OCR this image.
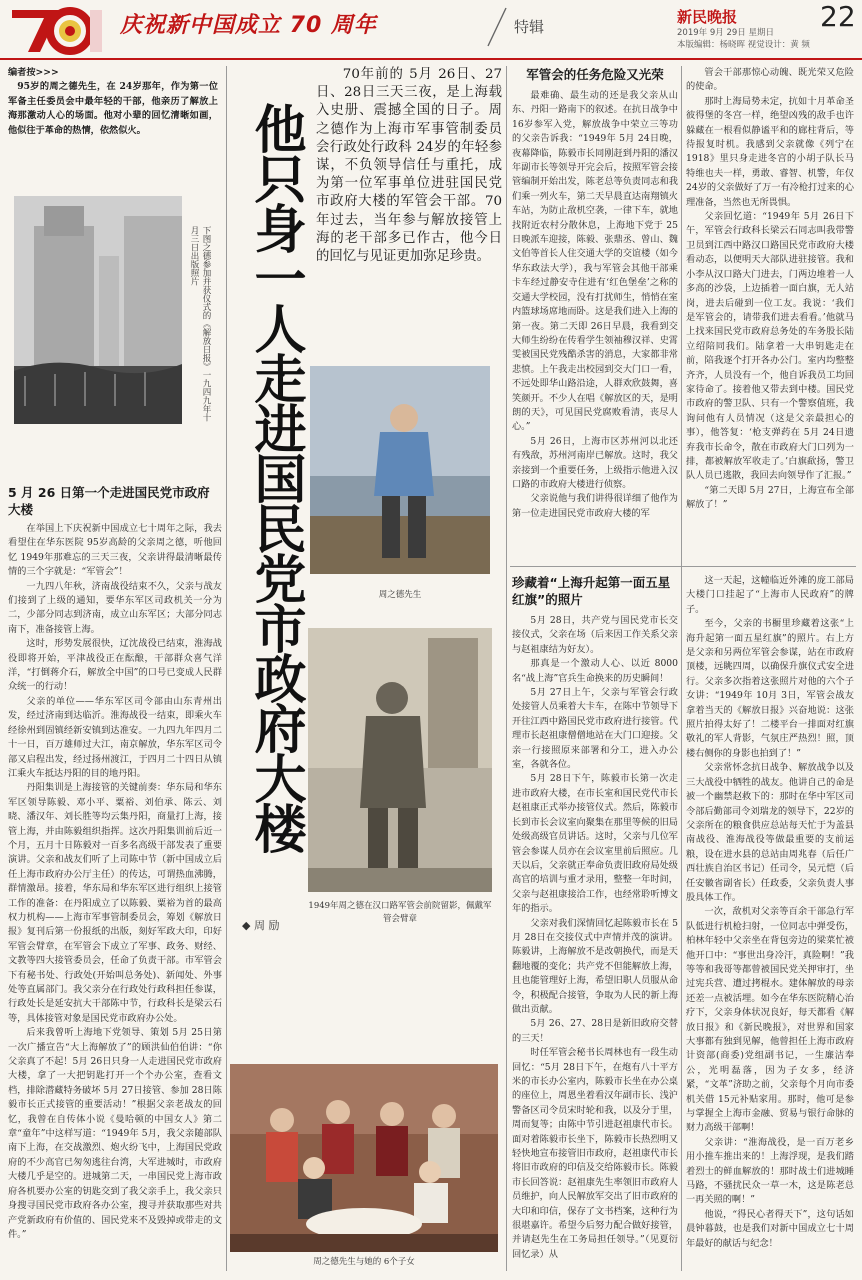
庆祝新中国成立 70 周年	特辑
新民晚报	22
2019年 9月 29日 星期日
本版编辑：杨晓晖 视觉设计：黄 频
编者按>>>

95岁的周之德先生，在 24岁那年，作为第一位军备主任委员会中最年轻的干部，他亲历了解放上海那激动人心的场面。他对小辈的回忆清晰如画，他似往于革命的热情，依然似火。
下图之德参加并获仪式的《解放日报》一九四九年十月三日出版照片

5 月 26 日第一个走进国民党市政府大楼

在举国上下庆祝新中国成立七十周年之际，我去看望住在华东医院 95岁高龄的父亲周之德，听他回忆 1949年那难忘的三天三夜，父亲讲得最清晰最传情的三个字就是：“军管会”！

一九四八年秋，济南战役结束不久，父亲与战友们接到了上级的通知，要华东军区司政机关一分为二，少部分同志到济南，成立山东军区；大部分同志南下，准备接管上海。

这时，形势发展很快，辽沈战役已结束，淮海战役即将开始，平津战役正在酝酿，干部群众喜气洋洋，“打倒蒋介石，解放全中国”的口号已变成人民群众统一的行动！

父亲的单位——华东军区司令部由山东青州出发，经过济南到达临沂。淮海战役一结束，即乘火车经徐州到固镇经新安镇到达准安。一九四九年四月二十一日，百万雄师过大江，南京解放，华东军区司令部又启程出发，经过扬州渡江，于四月二十四日从镇江乘火车抵达丹阳的目的地丹阳。

丹阳集训是上海接管的关键前奏：华东局和华东军区领导陈毅、邓小平、粟裕、刘伯承、陈云、刘晓、潘汉年、刘长胜等均云集丹阳，商量打上海，接管上海，并由陈毅组织指挥。这次丹阳集训前后近一个月，五月十日陈毅对一百多名高级干部发表了重要演讲。父亲和战友们听了上司陈中节（新中国成立后任上海市政府办公厅主任）的传达，可谓热血沸腾，群情激昂。接着，华东局和华东军区进行组织上接管工作的准备：在丹阳成立了以陈毅、粟裕为首的最高权力机构——上海市军事管制委员会，筹划《解放日报》复刊后第一份报纸的出版，刻好军政大印，印好军管会臂章，在军管会下成立了军事、政务、财经、文教等四大接管委员会，任命了负责干部。市军管会下有秘书处、行政处(开始叫总务处)、新闻处、外事处等直属部门。我父亲分在行政处行政科担任参谋，行政处长是延安抗大干部陈中节，行政科长是梁云石等，具体接管对象是国民党市政府办公处。

后来我曾听上海地下党领导、策划 5月 25日第一次广播宣告“大上海解放了”的顾洪仙伯伯讲：“你父亲真了不起！5月 26日只身一人走进国民党市政府大楼，拿了一大把钥匙打开一个个办公室，查看文档，排除潜藏特务破坏 5月 27日接管、参加 28日陈毅市长正式接管的重要活动！”根据父亲老战友的回忆，我曾在自传体小说《曼哈顿的中国女人》第二章“童年”中这样写道：“1949年 5月，我父亲随部队南下上海，在交战激烈、炮火纷飞中，上海国民党政府的不少高官已匆匆逃往台湾，大军进城时，市政府大楼几乎是空的。进城第二天，一串国民党上海市政府各机要办公室的钥匙交到了我父亲手上，我父亲只身搜寻国民党市政府各办公室，搜寻并获取那些对共产党新政府有价值的、国民党来不及毁掉或带走的文件。”

他只身一人走进国民党市政府大楼
◆ 周 励
70年前的 5月 26日、27日、28日三天三夜，是上海载入史册、震撼全国的日子。周之德作为上海市军事管制委员会行政处行政科 24岁的年轻参谋，不负领导信任与重托，成为第一位军事单位进驻国民党市政府大楼的军管会干部。70年过去，当年参与解放接管上海的老干部多已作古，他今日的回忆与见证更加弥足珍贵。
周之德先生
1949年周之德在汉口路军管会前院留影，佩戴军管会臂章
周之德先生与她的 6个子女

军管会的任务危险又光荣

最难确、最生动的还是我父亲从山东、丹阳一路南下的叙述。在抗日战争中 16岁参军入党，解放战争中荣立三等功的父亲告诉我：“1949年 5月 24日晚，夜幕降临，陈毅市长同刚赶到丹阳的潘汉年副市长等领导开完会后，按照军管会接管编制开始出发，陈老总等负责同志和我们乘一列火车，第二天早晨直达南翔镇火车站，为防止敌机空袭，一律下车，就地找附近农村分散休息，上海地下党于 25日晚派车迎接，陈毅、张鼎丞、曾山、魏文伯等首长人住交通大学的交谊楼（如今华东政法大学），我与军管会其他干部乘卡车经过静安寺住进有‘红色堡垒’之称的交通大学校园，没有打扰师生，悄悄在室内篮球场席地而卧。这是我们进入上海的第一夜。第二天即 26日早晨，我看到交大师生纷纷在传看学生领袖穆汉祥、史霄雯被国民党残酷杀害的消息，大家都非常悲愤。上午我走出校园到交大门口一看，不远处即华山路沿途，人群欢欣鼓舞，喜笑颜开。不少人在唱《解放区的天，是明朗的天》，可见国民党腐败看清，丧尽人心。”

5月 26日，上海市区苏州河以北还有残敌，苏州河南岸已解放。这时，我父亲接到一个重要任务，上级指示他进入汉口路的市政府大楼进行侦察。

父亲说他与我们讲得很详细了他作为第一位走进国民党市政府大楼的军

管会干部那惊心动魄、既光荣又危险的使命。

那时上海局势未定，抗如十月革命圣彼得堡的冬宫一样，绝望凶残的敌手也许躲藏在一根看似静谧平和的廊柱背后，等待报复时机。我感到父亲就像《列宁在 1918》里只身走进冬宫的小胡子队长马特维也夫一样，勇敢、睿智、机警，年仅 24岁的父亲做好了万一有冷枪打过来的心理准备，当然也无所畏惧。

父亲回忆道：“1949年 5月 26日下午，军管会行政科长梁云石同志叫我带警卫员到江西中路汉口路国民党市政府大楼看动态，以便明天大部队进驻接管。我和小李从汉口路大门进去，门两边堆着一人多高的沙袋，上边插着一面白旗，无人站岗，进去后碰到一位工友。我说：‘我们是军管会的，请带我们进去看看。’他就马上找来国民党市政府总务处的车务股长陆立绍陪同我们。陆拿着一大串钥匙走在前，陪我逐个打开各办公门。室内均整整齐齐，人员没有一个，他自诉我员工均回家待命了。接着他又带去到中楼。国民党市政府的警卫队、只有一个警察值班，我询问他有人员情况（这是父亲最担心的事），他答复：‘枪支弹药在 5月 24日遗弃我市长命令，散在市政府大门口列为一排，都被解放军收走了。’白旗歃扬，警卫队人员已逃散，我回去向领导作了汇报。”

“第二天即 5月 27日，上海宣布全部解放了！”

珍藏着“上海升起第一面五星红旗”的照片

5月 28日，共产党与国民党市长交接仪式，父亲在场（后来因工作关系父亲与赵祖康结为好友）。

那真是一个激动人心、以近 8000名“战上海”官兵生命换来的历史瞬间！

5月 27日上午，父亲与军管会行政处接管人员乘着大卡车，在陈中节领导下开往江西中路国民党市政府进行接管。代理市长赵祖康僧僧地站在大门口迎接。父亲一行接照原来部署和分工，进入办公室，各就各位。

5月 28日下午，陈毅市长第一次走进市政府大楼，在市长室和国民党代市长赵祖康正式举办接管仪式。然后，陈毅市长到市长会议室向聚集在那里等候的旧局处级高级官员讲话。这时，父亲与几位军管会参谋人员亦在会议室里前后照应。几天以后，父亲就正奉命负责旧政府局处级高官的培训与重才录用，整整一年时间，父亲与赵祖康接洽工作，也经常聆听博文年的指示。

父亲对我们深情回忆起陈毅市长在 5月 28日在交接仪式中声情并茂的演讲。陈毅讲，上海解放不是改朝换代，而是天翻地覆的变化；共产党不但能解放上海，且也能管理好上海，希望旧职人员服从命令，积极配合接管，争取为人民的新上海做出贡献。

5月 26、27、28日是新旧政府交替的三天！

时任军管会秘书长周林也有一段生动回忆：“5月 28日下午，在炮有八十平方米的市长办公室内，陈毅市长坐在办公桌的座位上，周恩坐着看汉年副市长、浅沪警备区司令员宋时轮和我，以及分于里，周而复等；由陈中节引进赵祖康代市长。面对着陈毅市长坐下，陈毅市长热烈明又轻快地宣布接管旧市政府，赵祖康代市长将旧市政府的印信及交给陈毅市长。陈毅市长回答说：赵祖康先生率领旧市政府人员维护，向人民解放军交出了旧市政府的大印和印信，保存了文书档案，这种行为很堪嘉许。希望今后努力配合做好接管，并请赵先生在工务局担任领导。”（见夏衍回忆录）从

这一天起，这幢临近外滩的庞工部局大楼门口挂起了“上海市人民政府”的牌子。

至今，父亲的书橱里珍藏着这张“上海升起第一面五星红旗”的照片。右上方是父亲和另两位军管会参谋，站在市政府顶楼，远眺四周，以确保升旗仪式安全进行。父亲多次指着这张照片对他的六个子女讲：“1949年 10月 3日，军管会战友拿着当天的《解放日报》兴奋地说：这张照片拍得太好了！二楼平台一排面对红旗敬礼的军人背影，气氛庄严热烈！照，顶楼右侧你的身影也拍到了！”

父亲常怀念抗日战争、解放战争以及三大战役中牺牲的战友。他讲自己的命是被一个幽禁赵救下的：那时在华中军区司令部后勤部司令刘瑞龙的领导下，22岁的父亲所在的粮食供应总站每天忙于为盖县南战役、淮海战役等做最重要的支前运粮，设在进水县的总站由周兆春（后任广西壮族自治区书记）任司令，吴元恺（后任安徽省副省长）任政委，父亲负责人事股具体工作。

一次，敌机对父亲等百余干部急行军队低进行机枪扫射，一位同志中弹受伤，柏林年轻中父亲坐在背包旁边的梁菜忙被他开口中：“事世出身冷汗，真险啊！”我等等和我哥等都曾被国民党关押审打，坐过宪兵营、遭过拷棍水。建体解放的母亲还差一点被活埋。如今在华东医院精心治疗下，父亲身体状况良好，每天都看《解放日报》和《新民晚报》，对世界和国家大事都有独到见解，他曾担任上海市政府计资部(商委)党组副书记，一生廉洁奉公，光明磊落，因为子女多，经济紧，“文革”济助之前，父亲每个月向市委机关借 15元补贴家用。那时，他可是参与掌握全上海市金融、贸易与银行命脉的财力高级干部啊！

父亲讲：“淮海战役，是一百万老乡用小推车推出来的！上海浮现，是我们踏着烈士的鲜血解放的！那时战士们进城睡马路，不骚扰民众一草一木，这是陈老总一再关照的啊！”

他说，“得民心者得天下”，这句话如晨钟暮鼓，也是我们对新中国成立七十周年最好的献话与纪念！
